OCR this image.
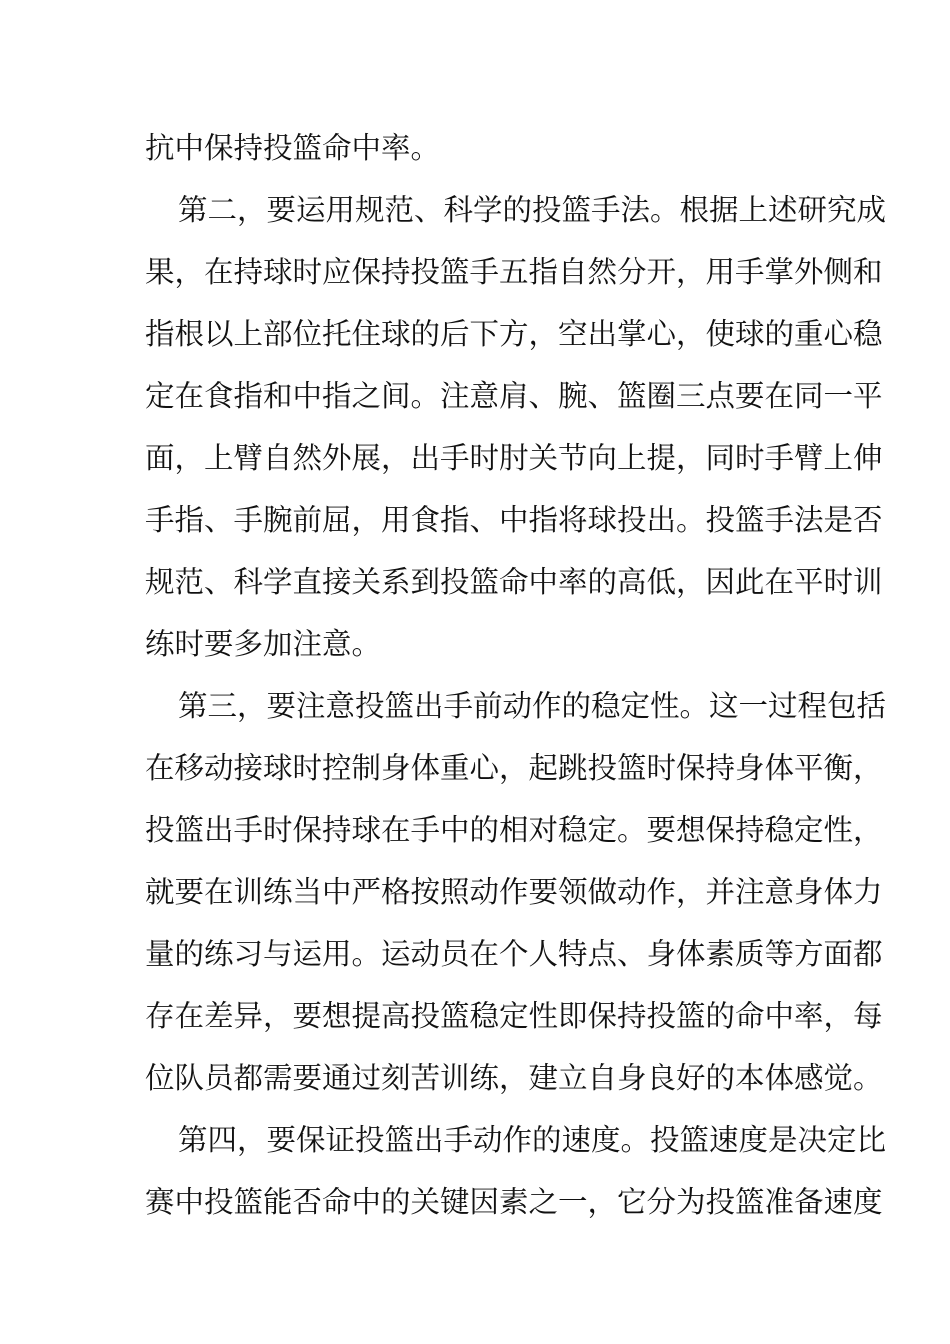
抗中保持投篮命中率。
第二，要运用规范、科学的投篮手法。根据上述研究成
果，在持球时应保持投篮手五指自然分开，用手掌外侧和
指根以上部位托住球的后下方，空出掌心，使球的重心稳
定在食指和中指之间。注意肩、腕、篮圈三点要在同一平
面，上臂自然外展，出手时肘关节向上提，同时手臂上伸
手指、手腕前屈，用食指、中指将球投出。投篮手法是否
规范、科学直接关系到投篮命中率的高低，因此在平时训
练时要多加注意。
第三，要注意投篮出手前动作的稳定性。这一过程包括
在移动接球时控制身体重心，起跳投篮时保持身体平衡，
投篮出手时保持球在手中的相对稳定。要想保持稳定性，
就要在训练当中严格按照动作要领做动作，并注意身体力
量的练习与运用。运动员在个人特点、身体素质等方面都
存在差异，要想提高投篮稳定性即保持投篮的命中率，每
位队员都需要通过刻苦训练，建立自身良好的本体感觉。
第四，要保证投篮出手动作的速度。投篮速度是决定比
赛中投篮能否命中的关键因素之一，它分为投篮准备速度
